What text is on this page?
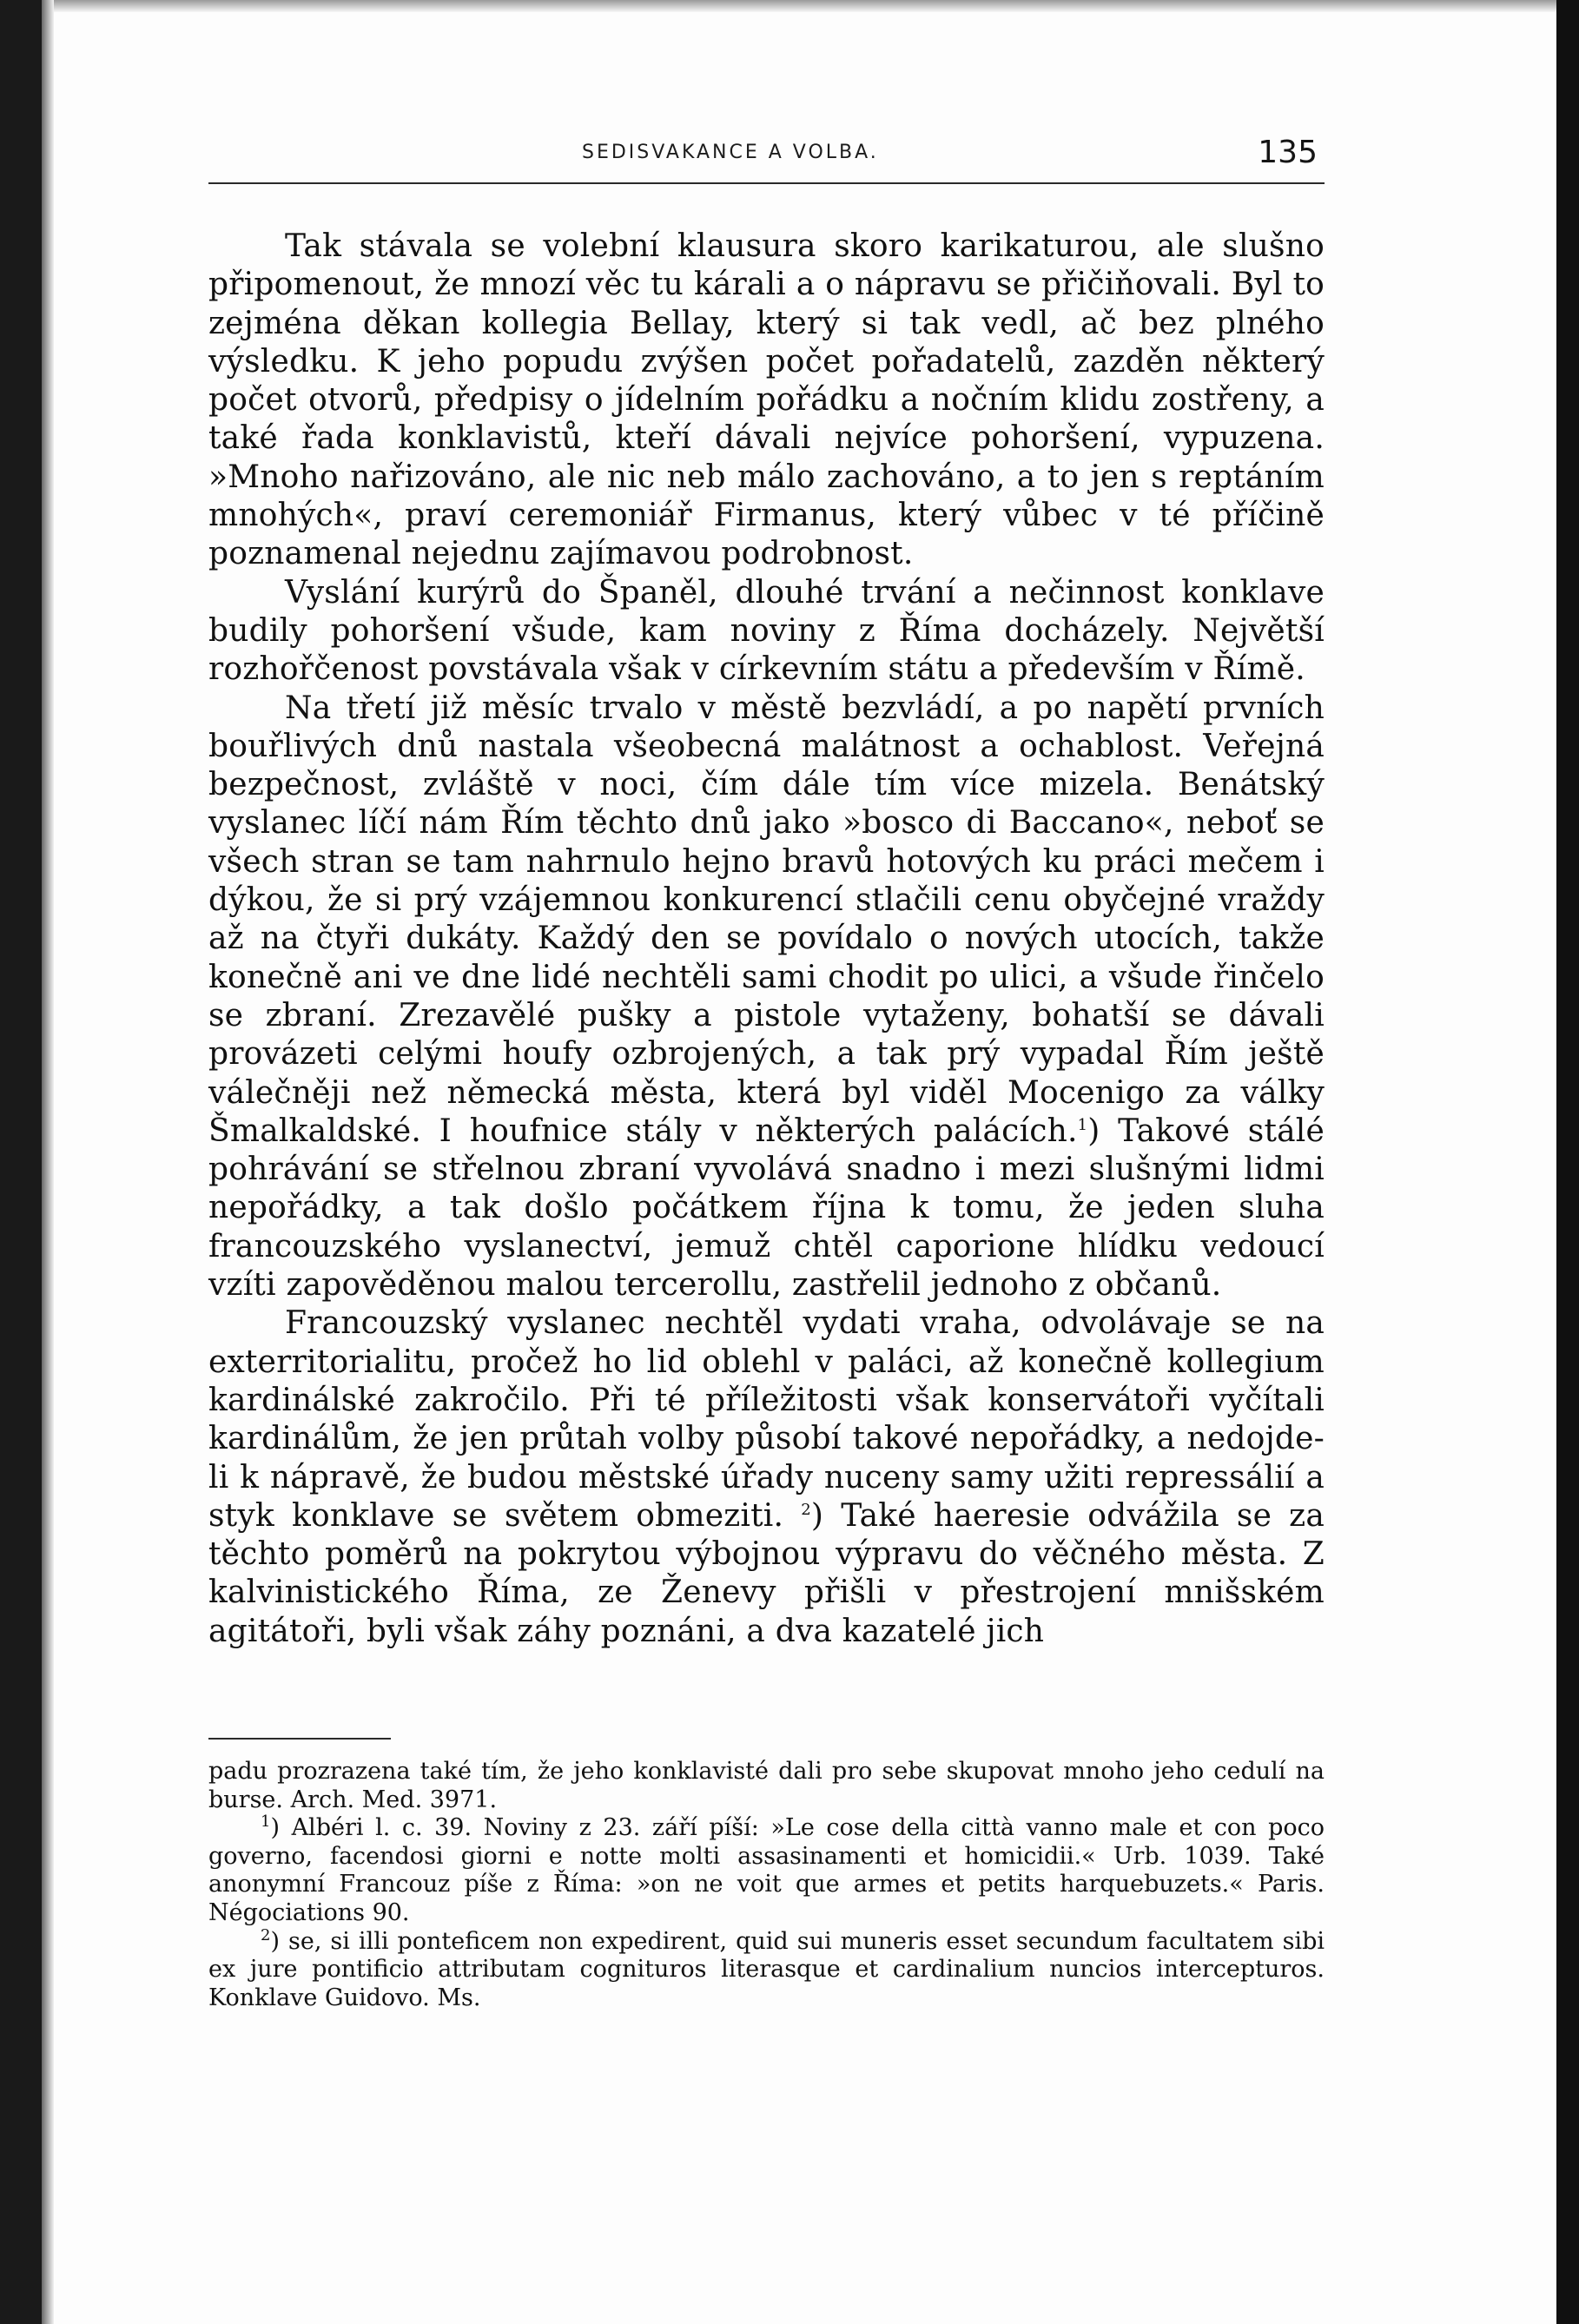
SEDISVAKANCE A VOLBA.	135

Tak stávala se volební klausura skoro karikaturou, ale slušno připomenout, že mnozí věc tu kárali a o nápravu se přičiňovali. Byl to zejména děkan kollegia Bellay, který si tak vedl, ač bez plného výsledku. K jeho popudu zvýšen počet pořadatelů, zazděn některý počet otvorů, předpisy o jídelním pořádku a nočním klidu zostřeny, a také řada konklavistů, kteří dávali nejvíce pohoršení, vypuzena. »Mnoho nařizováno, ale nic neb málo zachováno, a to jen s reptáním mnohých«, praví ceremoniář Firmanus, který vůbec v té příčině poznamenal nejednu zajímavou podrobnost.

Vyslání kurýrů do Španěl, dlouhé trvání a nečinnost konklave budily pohoršení všude, kam noviny z Říma docházely. Největší rozhořčenost povstávala však v církevním státu a především v Římě.

Na třetí již měsíc trvalo v městě bezvládí, a po napětí prvních bouřlivých dnů nastala všeobecná malátnost a ochablost. Veřejná bezpečnost, zvláště v noci, čím dále tím více mizela. Benátský vyslanec líčí nám Řím těchto dnů jako »bosco di Baccano«, neboť se všech stran se tam nahrnulo hejno bravů hotových ku práci mečem i dýkou, že si prý vzájemnou konkurencí stlačili cenu obyčejné vraždy až na čtyři dukáty. Každý den se povídalo o nových utocích, takže konečně ani ve dne lidé nechtěli sami chodit po ulici, a všude řinčelo se zbraní. Zrezavělé pušky a pistole vytaženy, bohatší se dávali provázeti celými houfy ozbrojených, a tak prý vypadal Řím ještě válečněji než německá města, která byl viděl Mocenigo za války Šmalkaldské. I houfnice stály v některých palácích.$^1$) Takové stálé pohrávání se střelnou zbraní vyvolává snadno i mezi slušnými lidmi nepořádky, a tak došlo počátkem října k tomu, že jeden sluha francouzského vyslanectví, jemuž chtěl caporione hlídku vedoucí vzíti zapověděnou malou tercerollu, zastřelil jednoho z občanů.

Francouzský vyslanec nechtěl vydati vraha, odvolávaje se na exterritorialitu, pročež ho lid oblehl v paláci, až konečně kollegium kardinálské zakročilo. Při té příležitosti však konservátoři vyčítali kardinálům, že jen průtah volby působí takové nepořádky, a nedojde-li k nápravě, že budou městské úřady nuceny samy užiti repressálií a styk konklave se světem obmeziti. $^2$) Také haeresie odvážila se za těchto poměrů na pokrytou výbojnou výpravu do věčného města. Z kalvinistického Říma, ze Ženevy přišli v přestrojení mnišském agitátoři, byli však záhy poznáni, a dva kazatelé jich

padu prozrazena také tím, že jeho konklavisté dali pro sebe skupovat mnoho jeho cedulí na burse. Arch. Med. 3971.

$^1$) Albéri l. c. 39. Noviny z 23. září píší: »Le cose della città vanno male et con poco governo, facendosi giorni e notte molti assasinamenti et homicidii.« Urb. 1039. Také anonymní Francouz píše z Říma: »on ne voit que armes et petits harquebuzets.« Paris. Négociations 90.

$^2$) se, si illi ponteficem non expedirent, quid sui muneris esset secundum facultatem sibi ex jure pontificio attributam cognituros literasque et cardinalium nuncios intercepturos. Konklave Guidovo. Ms.
